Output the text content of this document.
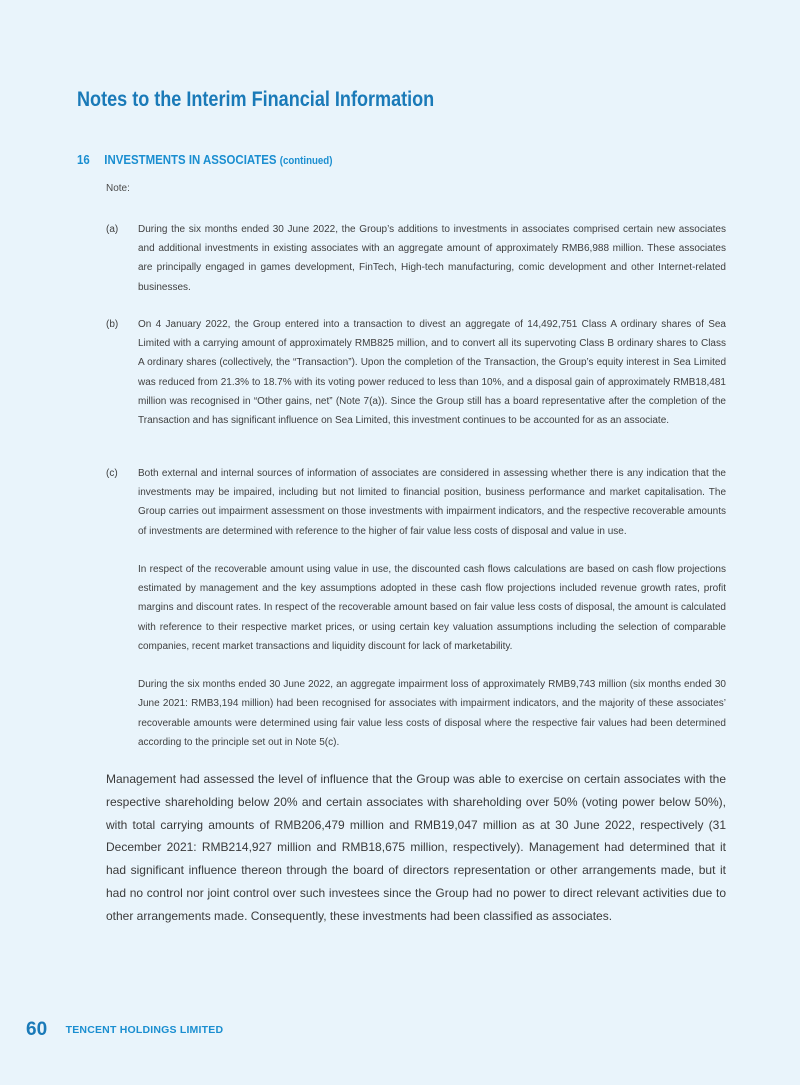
Notes to the Interim Financial Information
16 INVESTMENTS IN ASSOCIATES (continued)
Note:
(a) During the six months ended 30 June 2022, the Group’s additions to investments in associates comprised certain new associates and additional investments in existing associates with an aggregate amount of approximately RMB6,988 million. These associates are principally engaged in games development, FinTech, High-tech manufacturing, comic development and other Internet-related businesses.

(b) On 4 January 2022, the Group entered into a transaction to divest an aggregate of 14,492,751 Class A ordinary shares of Sea Limited with a carrying amount of approximately RMB825 million, and to convert all its supervoting Class B ordinary shares to Class A ordinary shares (collectively, the “Transaction”). Upon the completion of the Transaction, the Group’s equity interest in Sea Limited was reduced from 21.3% to 18.7% with its voting power reduced to less than 10%, and a disposal gain of approximately RMB18,481 million was recognised in “Other gains, net” (Note 7(a)). Since the Group still has a board representative after the completion of the Transaction and has significant influence on Sea Limited, this investment continues to be accounted for as an associate.

(c) Both external and internal sources of information of associates are considered in assessing whether there is any indication that the investments may be impaired, including but not limited to financial position, business performance and market capitalisation. The Group carries out impairment assessment on those investments with impairment indicators, and the respective recoverable amounts of investments are determined with reference to the higher of fair value less costs of disposal and value in use.

In respect of the recoverable amount using value in use, the discounted cash flows calculations are based on cash flow projections estimated by management and the key assumptions adopted in these cash flow projections included revenue growth rates, profit margins and discount rates. In respect of the recoverable amount based on fair value less costs of disposal, the amount is calculated with reference to their respective market prices, or using certain key valuation assumptions including the selection of comparable companies, recent market transactions and liquidity discount for lack of marketability.

During the six months ended 30 June 2022, an aggregate impairment loss of approximately RMB9,743 million (six months ended 30 June 2021: RMB3,194 million) had been recognised for associates with impairment indicators, and the majority of these associates’ recoverable amounts were determined using fair value less costs of disposal where the respective fair values had been determined according to the principle set out in Note 5(c).

Management had assessed the level of influence that the Group was able to exercise on certain associates with the respective shareholding below 20% and certain associates with shareholding over 50% (voting power below 50%), with total carrying amounts of RMB206,479 million and RMB19,047 million as at 30 June 2022, respectively (31 December 2021: RMB214,927 million and RMB18,675 million, respectively). Management had determined that it had significant influence thereon through the board of directors representation or other arrangements made, but it had no control nor joint control over such investees since the Group had no power to direct relevant activities due to other arrangements made. Consequently, these investments had been classified as associates.
60 TENCENT HOLDINGS LIMITED
